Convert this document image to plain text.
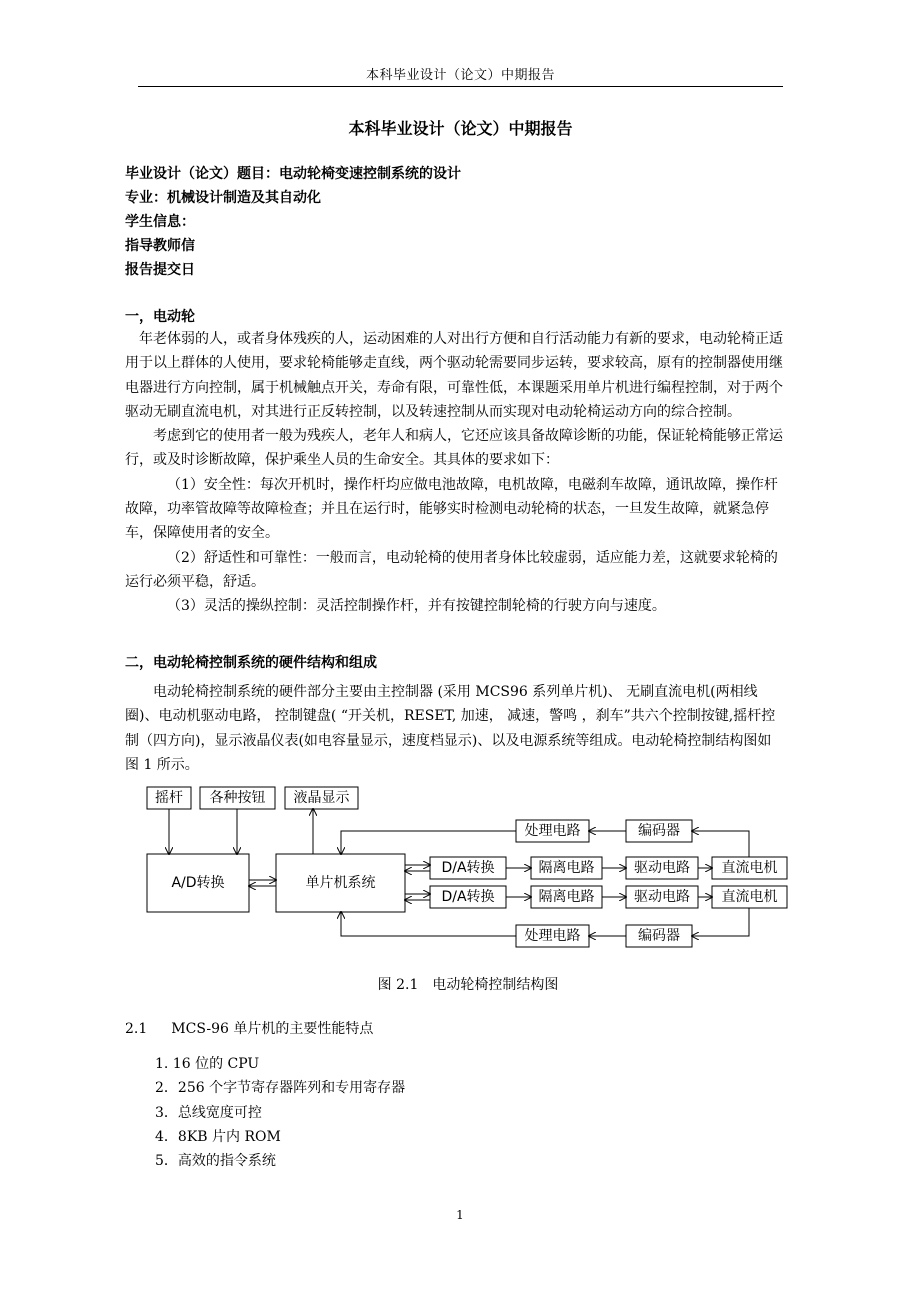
本科毕业设计（论文）中期报告
本科毕业设计（论文）中期报告
毕业设计（论文）题目：电动轮椅变速控制系统的设计
专业：机械设计制造及其自动化
学生信息：
指导教师信
报告提交日
一，电动轮

年老体弱的人，或者身体残疾的人，运动困难的人对出行方便和自行活动能力有新的要求，电动轮椅正适用于以上群体的人使用，要求轮椅能够走直线，两个驱动轮需要同步运转，要求较高，原有的控制器使用继电器进行方向控制，属于机械触点开关，寿命有限，可靠性低，本课题采用单片机进行编程控制，对于两个驱动无刷直流电机，对其进行正反转控制，以及转速控制从而实现对电动轮椅运动方向的综合控制。

考虑到它的使用者一般为残疾人，老年人和病人，它还应该具备故障诊断的功能，保证轮椅能够正常运行，或及时诊断故障，保护乘坐人员的生命安全。其具体的要求如下：

（1）安全性：每次开机时，操作杆均应做电池故障，电机故障，电磁刹车故障，通讯故障，操作杆故障，功率管故障等故障检查；并且在运行时，能够实时检测电动轮椅的状态，一旦发生故障，就紧急停车，保障使用者的安全。

（2）舒适性和可靠性：一般而言，电动轮椅的使用者身体比较虚弱，适应能力差，这就要求轮椅的运行必须平稳，舒适。

（3）灵活的操纵控制：灵活控制操作杆，并有按键控制轮椅的行驶方向与速度。

二，电动轮椅控制系统的硬件结构和组成

电动轮椅控制系统的硬件部分主要由主控制器 (采用 MCS96 系列单片机)、 无刷直流电机(两相线圈)、电动机驱动电路， 控制键盘( “开关机，RESET, 加速， 减速，警鸣 ，刹车”共六个控制按键,摇杆控制（四方向)，显示液晶仪表(如电容量显示，速度档显示)、以及电源系统等组成。电动轮椅控制结构图如图 1 所示。

摇杆 各种按钮 液晶显示
A/D转换	单片机系统
D/A转换
D/A转换
隔离电路
隔离电路
驱动电路
驱动电路
直流电机
直流电机
处理电路
处理电路
编码器
编码器
图 2.1　电动轮椅控制结构图
2.1 MCS-96 单片机的主要性能特点
1. 16 位的 CPU
2．256 个字节寄存器阵列和专用寄存器
3．总线宽度可控
4．8KB 片内 ROM
5．高效的指令系统
1
